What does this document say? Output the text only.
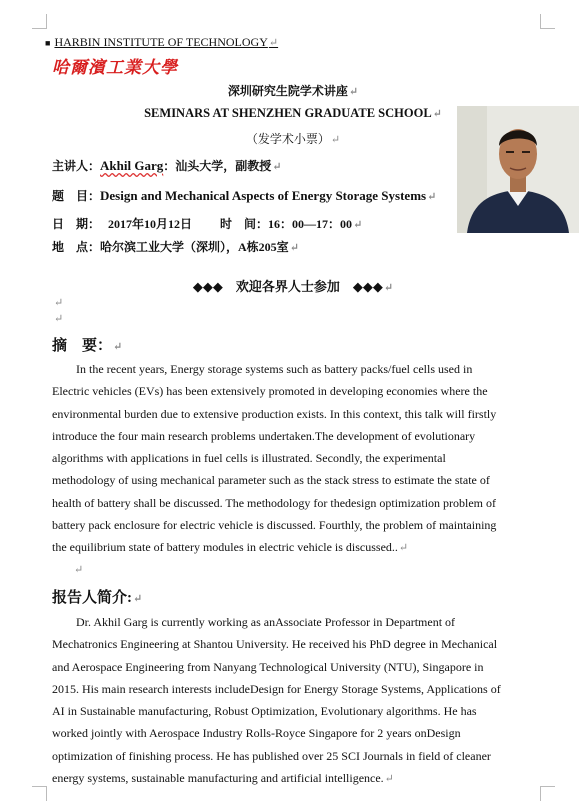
■ HARBIN INSTITUTE OF TECHNOLOGY↵
哈爾濱工業大學
深圳研究生院学术讲座↵
SEMINARS AT SHENZHEN GRADUATE SCHOOL↵
（发学术小票）↵
主讲人：Akhil Garg：汕头大学，副教授↵
题　目：Design and Mechanical Aspects of Energy Storage Systems↵
日　期： 2017年10月12日 时　间：16：00—17：00↵
地　点：哈尔滨工业大学（深圳），A栋205室↵
◆◆◆　欢迎各界人士参加　◆◆◆↵
↵
↵
摘　要：↵
In the recent years, Energy storage systems such as battery packs/fuel cells used in
Electric vehicles (EVs) has been extensively promoted in developing economies where the
environmental burden due to extensive production exists. In this context, this talk will firstly
introduce the four main research problems undertaken.The development of evolutionary
algorithms with applications in fuel cells is illustrated. Secondly, the experimental
methodology of using mechanical parameter such as the stack stress to estimate the state of
health of battery shall be discussed. The methodology for thedesign optimization problem of
battery pack enclosure for electric vehicle is discussed. Fourthly, the problem of maintaining
the equilibrium state of battery modules in electric vehicle is discussed..↵
↵
报告人简介:↵
Dr. Akhil Garg is currently working as anAssociate Professor in Department of
Mechatronics Engineering at Shantou University. He received his PhD degree in Mechanical
and Aerospace Engineering from Nanyang Technological University (NTU), Singapore in
2015. His main research interests includeDesign for Energy Storage Systems, Applications of
AI in Sustainable manufacturing, Robust Optimization, Evolutionary algorithms. He has
worked jointly with Aerospace Industry Rolls-Royce Singapore for 2 years onDesign
optimization of finishing process. He has published over 25 SCI Journals in field of cleaner
energy systems, sustainable manufacturing and artificial intelligence.↵
